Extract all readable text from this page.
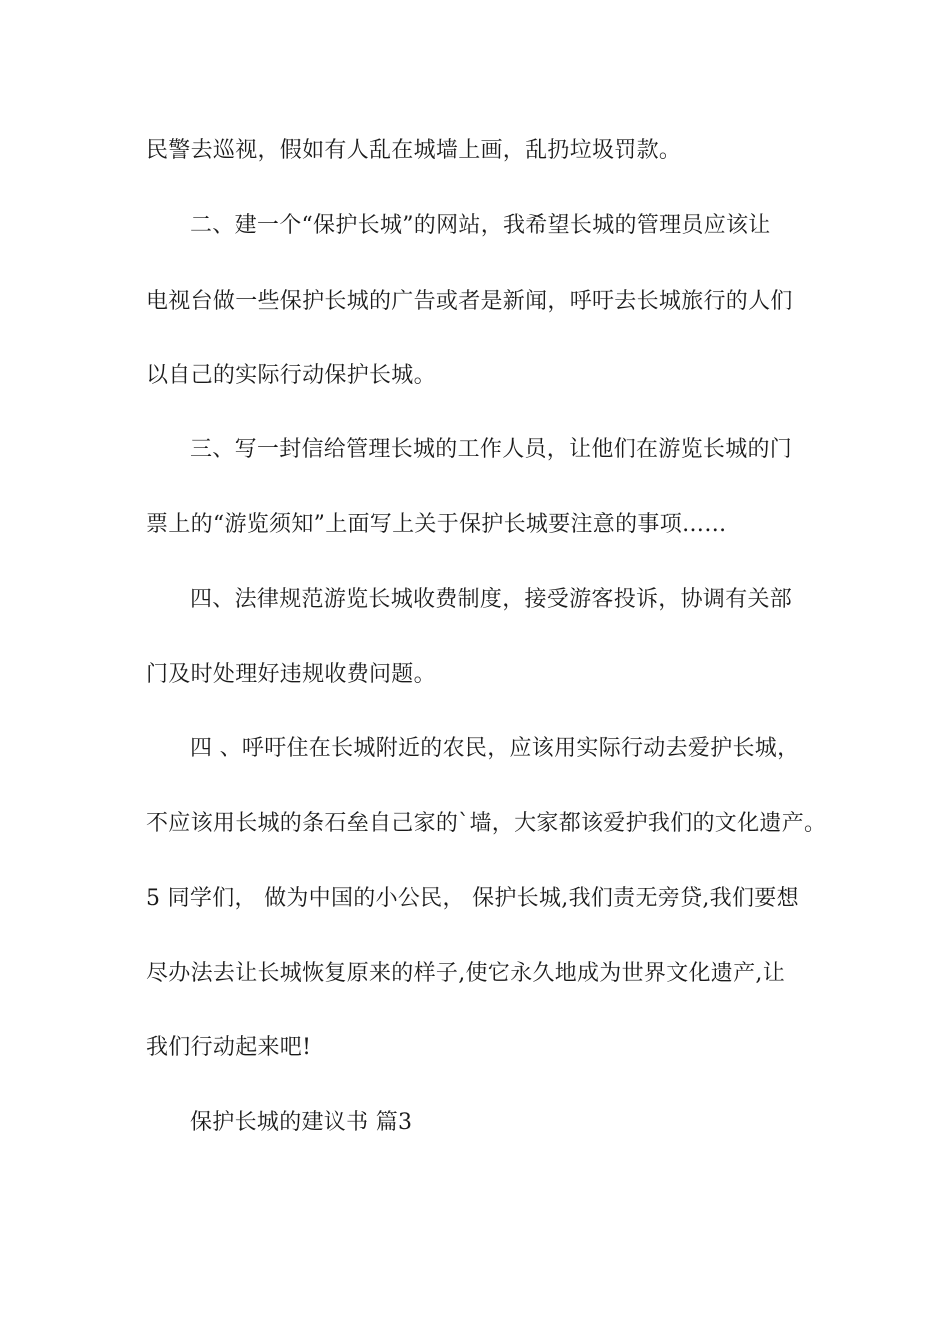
民警去巡视，假如有人乱在城墙上画，乱扔垃圾罚款。
二、建一个“保护长城”的网站，我希望长城的管理员应该让
电视台做一些保护长城的广告或者是新闻，呼吁去长城旅行的人们
以自己的实际行动保护长城。
三、写一封信给管理长城的工作人员，让他们在游览长城的门
票上的“游览须知”上面写上关于保护长城要注意的事项……
四、法律规范游览长城收费制度，接受游客投诉，协调有关部
门及时处理好违规收费问题。
四 、呼吁住在长城附近的农民，应该用实际行动去爱护长城，
不应该用长城的条石垒自己家的`墙，大家都该爱护我们的文化遗产。
5 同学们， 做为中国的小公民， 保护长城,我们责无旁贷,我们要想
尽办法去让长城恢复原来的样子,使它永久地成为世界文化遗产,让
我们行动起来吧!
保护长城的建议书 篇3
